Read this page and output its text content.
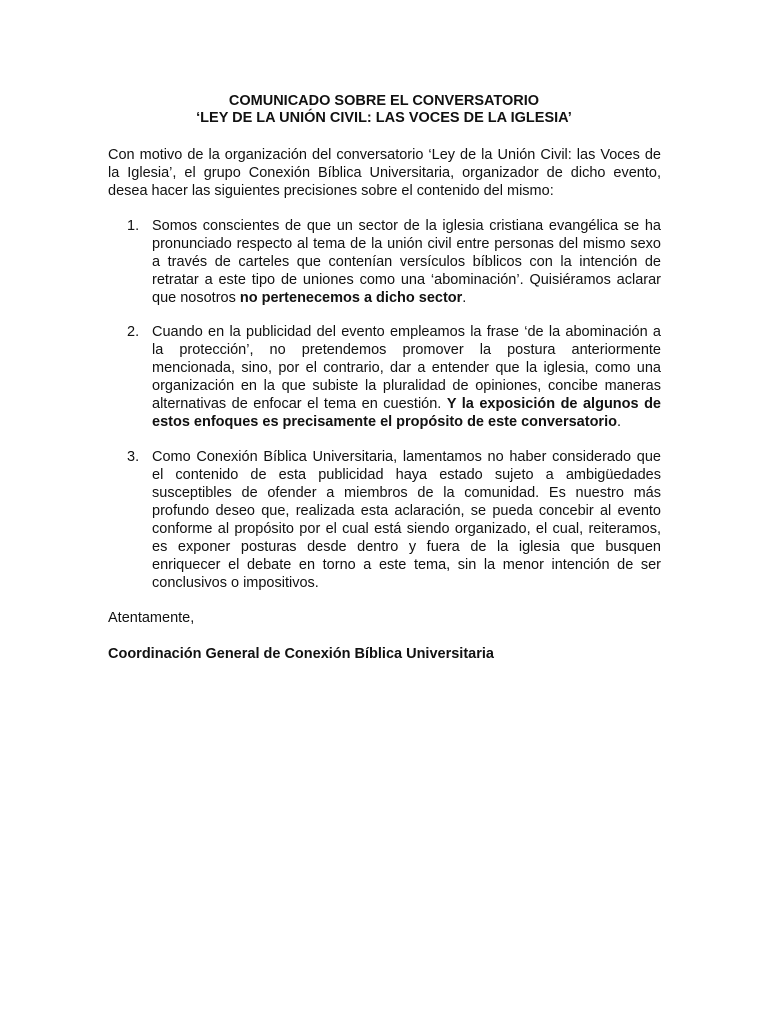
COMUNICADO SOBRE EL CONVERSATORIO
‘LEY DE LA UNIÓN CIVIL: LAS VOCES DE LA IGLESIA’
Con motivo de la organización del conversatorio ‘Ley de la Unión Civil: las Voces de la Iglesia’, el grupo Conexión Bíblica Universitaria, organizador de dicho evento, desea hacer las siguientes precisiones sobre el contenido del mismo:
1. Somos conscientes de que un sector de la iglesia cristiana evangélica se ha pronunciado respecto al tema de la unión civil entre personas del mismo sexo a través de carteles que contenían versículos bíblicos con la intención de retratar a este tipo de uniones como una ‘abominación’. Quisiéramos aclarar que nosotros no pertenecemos a dicho sector.
2. Cuando en la publicidad del evento empleamos la frase ‘de la abominación a la protección’, no pretendemos promover la postura anteriormente mencionada, sino, por el contrario, dar a entender que la iglesia, como una organización en la que subiste la pluralidad de opiniones, concibe maneras alternativas de enfocar el tema en cuestión. Y la exposición de algunos de estos enfoques es precisamente el propósito de este conversatorio.
3. Como Conexión Bíblica Universitaria, lamentamos no haber considerado que el contenido de esta publicidad haya estado sujeto a ambigüedades susceptibles de ofender a miembros de la comunidad. Es nuestro más profundo deseo que, realizada esta aclaración, se pueda concebir al evento conforme al propósito por el cual está siendo organizado, el cual, reiteramos, es exponer posturas desde dentro y fuera de la iglesia que busquen enriquecer el debate en torno a este tema, sin la menor intención de ser conclusivos o impositivos.
Atentamente,
Coordinación General de Conexión Bíblica Universitaria
